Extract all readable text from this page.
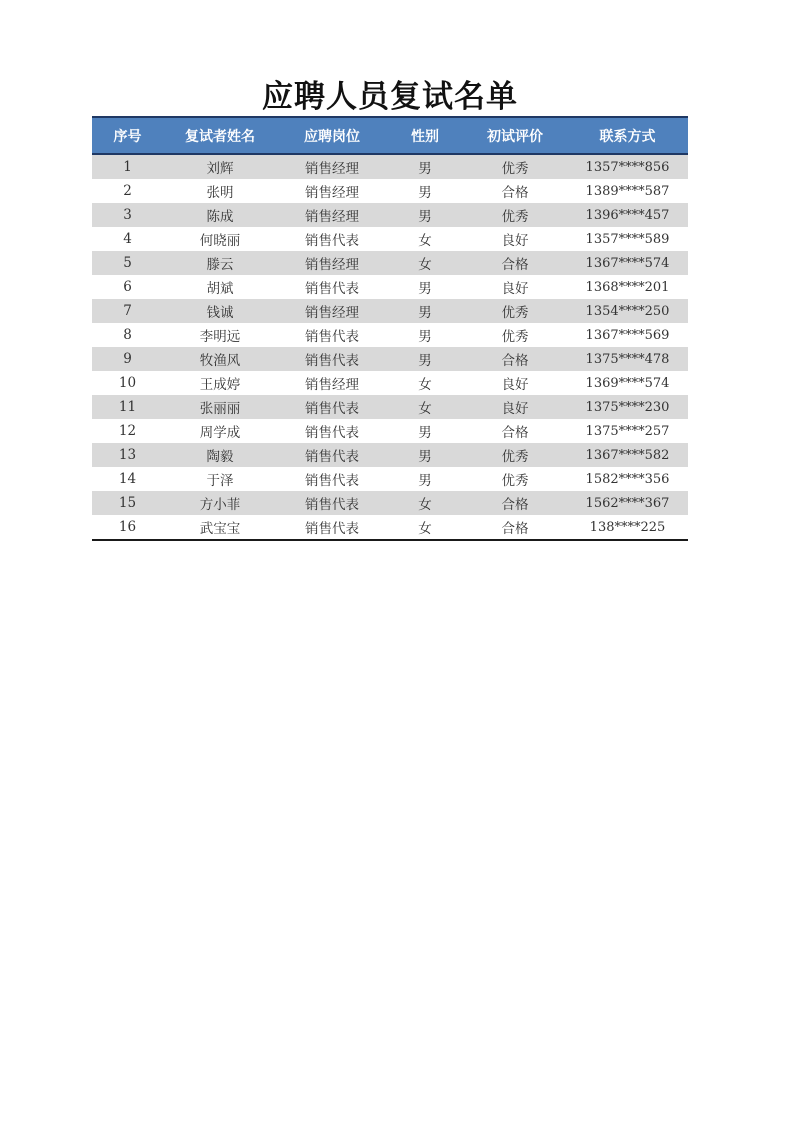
应聘人员复试名单
序号	复试者姓名	应聘岗位	性别	初试评价	联系方式
1	刘辉	销售经理	男	优秀	1357****856
2	张明	销售经理	男	合格	1389****587
3	陈成	销售经理	男	优秀	1396****457
4	何晓丽	销售代表	女	良好	1357****589
5	滕云	销售经理	女	合格	1367****574
6	胡斌	销售代表	男	良好	1368****201
7	钱诚	销售经理	男	优秀	1354****250
8	李明远	销售代表	男	优秀	1367****569
9	牧渔风	销售代表	男	合格	1375****478
10	王成婷	销售经理	女	良好	1369****574
11	张丽丽	销售代表	女	良好	1375****230
12	周学成	销售代表	男	合格	1375****257
13	陶毅	销售代表	男	优秀	1367****582
14	于泽	销售代表	男	优秀	1582****356
15	方小菲	销售代表	女	合格	1562****367
16	武宝宝	销售代表	女	合格	138****225
